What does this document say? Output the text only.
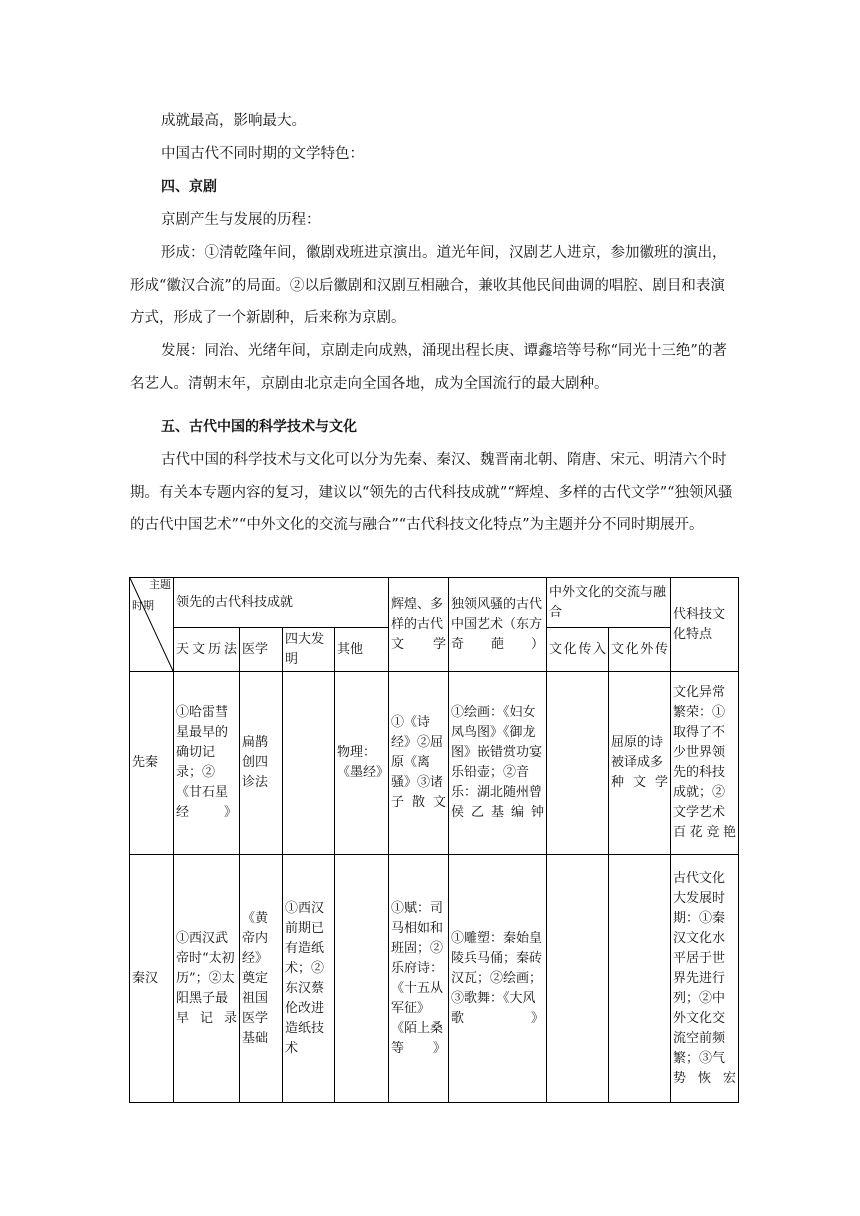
成就最高，影响最大。
中国古代不同时期的文学特色：
四、京剧
京剧产生与发展的历程：
形成：①清乾隆年间，徽剧戏班进京演出。道光年间，汉剧艺人进京，参加徽班的演出，形成“徽汉合流”的局面。②以后徽剧和汉剧互相融合，兼收其他民间曲调的唱腔、剧目和表演方式，形成了一个新剧种，后来称为京剧。
发展：同治、光绪年间，京剧走向成熟，涌现出程长庚、谭鑫培等号称“同光十三绝”的著名艺人。清朝末年，京剧由北京走向全国各地，成为全国流行的最大剧种。
五、古代中国的科学技术与文化
古代中国的科学技术与文化可以分为先秦、秦汉、魏晋南北朝、隋唐、宋元、明清六个时期。有关本专题内容的复习，建议以“领先的古代科技成就”“辉煌、多样的古代文学”“独领风骚的古代中国艺术”“中外文化的交流与融合”“古代科技文化特点”为主题并分不同时期展开。
主题
时期	领先的古代科技成就				辉煌、多样的古代文学	独领风骚的古代中国艺术（东方奇葩）	中外文化的交流与融合		代科技文化特点
	天文历法	医学	四大发明	其他			文化传入	文化外传	
先秦	①哈雷彗星最早的确切记录；②《甘石星经》	扁鹊创四诊法		物理：《墨经》	①《诗经》②屈原《离骚》③诸子散文	①绘画：《妇女凤鸟图》《御龙图》嵌错赏功宴乐铅壶；②音乐：湖北随州曾侯乙基编钟		屈原的诗被译成多种文学	文化异常繁荣：①取得了不少世界领先的科技成就；②文学艺术百花竞艳
秦汉	①西汉武帝时“太初历”；②太阳黑子最早记录	《黄帝内经》奠定祖国医学基础	①西汉前期已有造纸术；②东汉蔡伦改进造纸技术		①赋：司马相如和班固；②乐府诗：《十五从军征》《陌上桑等》	①雕塑：秦始皇陵兵马俑；秦砖汉瓦；②绘画；③歌舞：《大风歌》			古代文化大发展时期：①秦汉文化水平居于世界先进行列；②中外文化交流空前频繁；③气势恢宏
